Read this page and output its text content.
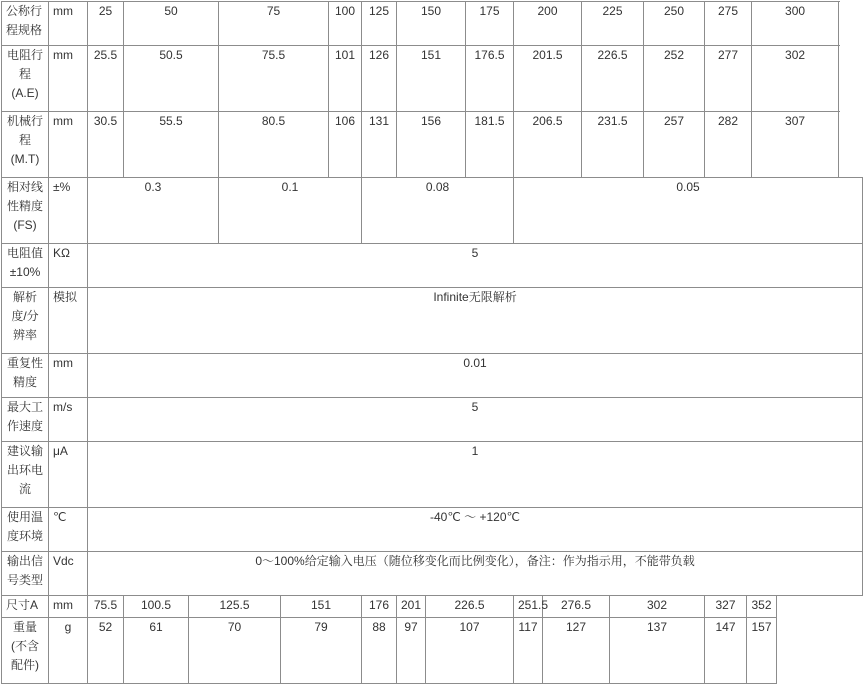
公称行程规格	mm	25	50		75		100	125	150		175	200		225		250	275		300
电阻行程(A.E)	mm	25.5	50.5		75.5		101	126	151		176.5	201.5		226.5		252	277		302
机械行程(M.T)	mm	30.5	55.5		80.5		106	131	156		181.5	206.5		231.5		257	282		307
相对线性精度(FS)	±%	0.3			0.1			0.08				0.05							
电阻值±10%	KΩ	5																	
解析度/分辨率	模拟	Infinite无限解析																	
重复性精度	mm	0.01																	
最大工作速度	m/s	5																	
建议输出环电流	μA	1																	
使用温度环境	℃	-40℃ ～ +120℃																	
输出信号类型	Vdc	0～100%给定输入电压（随位移变化而比例变化），备注：作为指示用，不能带负载																	
尺寸A	mm	75.5	100.5	125.5		151		176	201	226.5		251.5	276.5		302		327	352	
重量(不含配件)	g	52	61	70		79		88	97	107		117	127		137		147	157	
